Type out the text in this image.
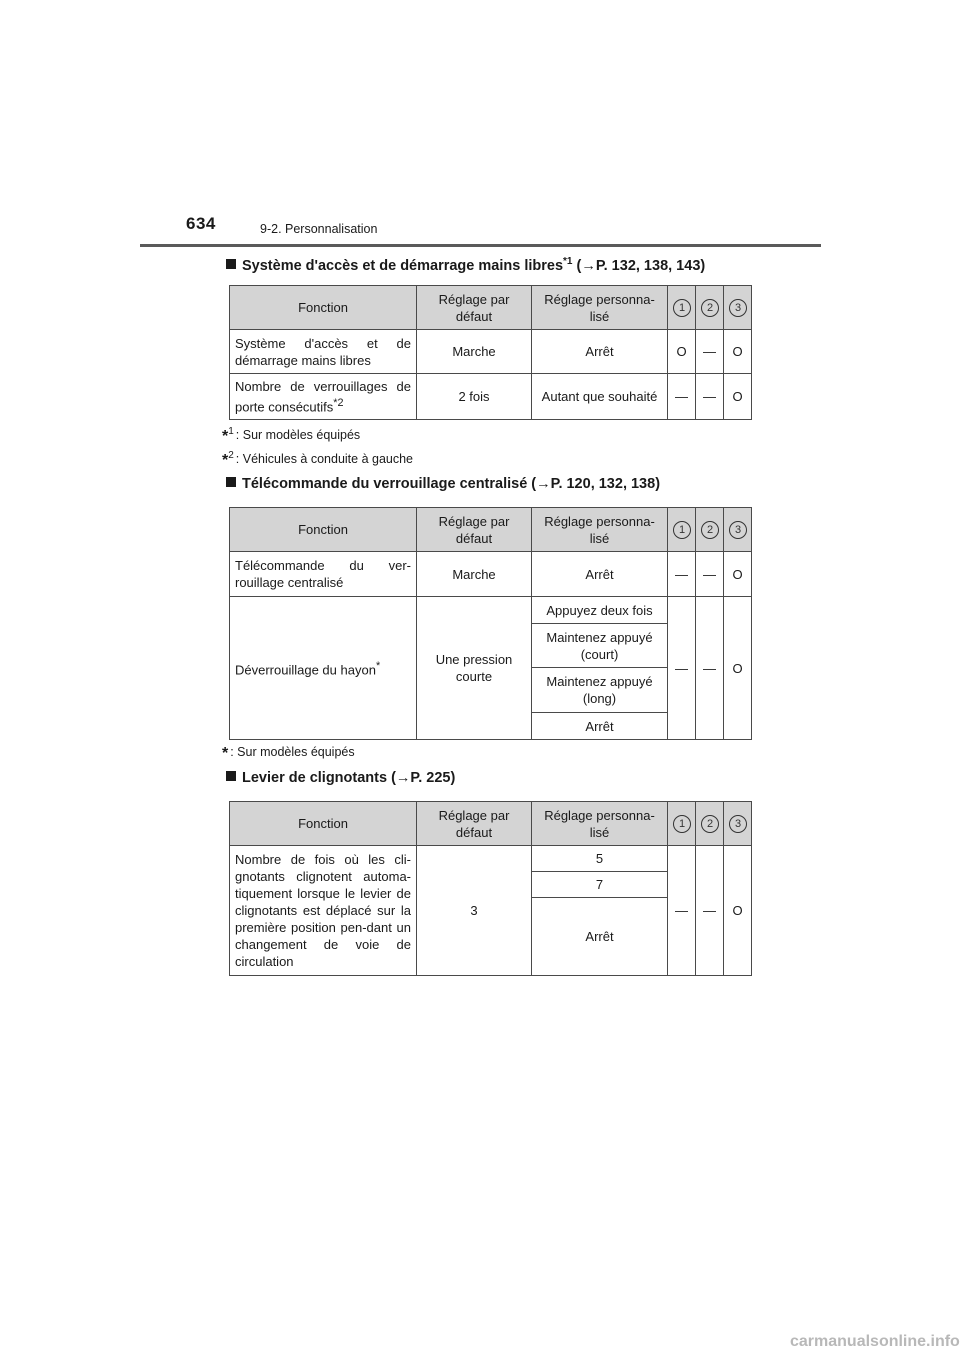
634	9-2. Personnalisation
Système d'accès et de démarrage mains libres$^{*1}$ (→P. 132, 138, 143)
Fonction	Réglage par défaut	Réglage personna-lisé	1	2	3
Système d'accès et de démarrage mains libres	Marche	Arrêt	O	—	O
Nombre de verrouillages de porte consécutifs$^{*2}$	2 fois	Autant que souhaité	—	—	O
*$^1$ : Sur modèles équipés
*$^2$ : Véhicules à conduite à gauche
Télécommande du verrouillage centralisé (→P. 120, 132, 138)
Fonction	Réglage par défaut	Réglage personna-lisé	1	2	3
Télécommande du ver-rouillage centralisé	Marche	Arrêt	—	—	O
Déverrouillage du hayon*	Une pression courte	Appuyez deux fois	—	—	O
		Maintenez appuyé (court)			
		Maintenez appuyé (long)			
		Arrêt			
* : Sur modèles équipés
Levier de clignotants (→P. 225)
Fonction	Réglage par défaut	Réglage personna-lisé	1	2	3
Nombre de fois où les cli-gnotants clignotent automa-tiquement lorsque le levier de clignotants est déplacé sur la première position pen-dant un changement de voie de circulation	3	5	—	—	O
		7			
		Arrêt			
carmanualsonline.info
